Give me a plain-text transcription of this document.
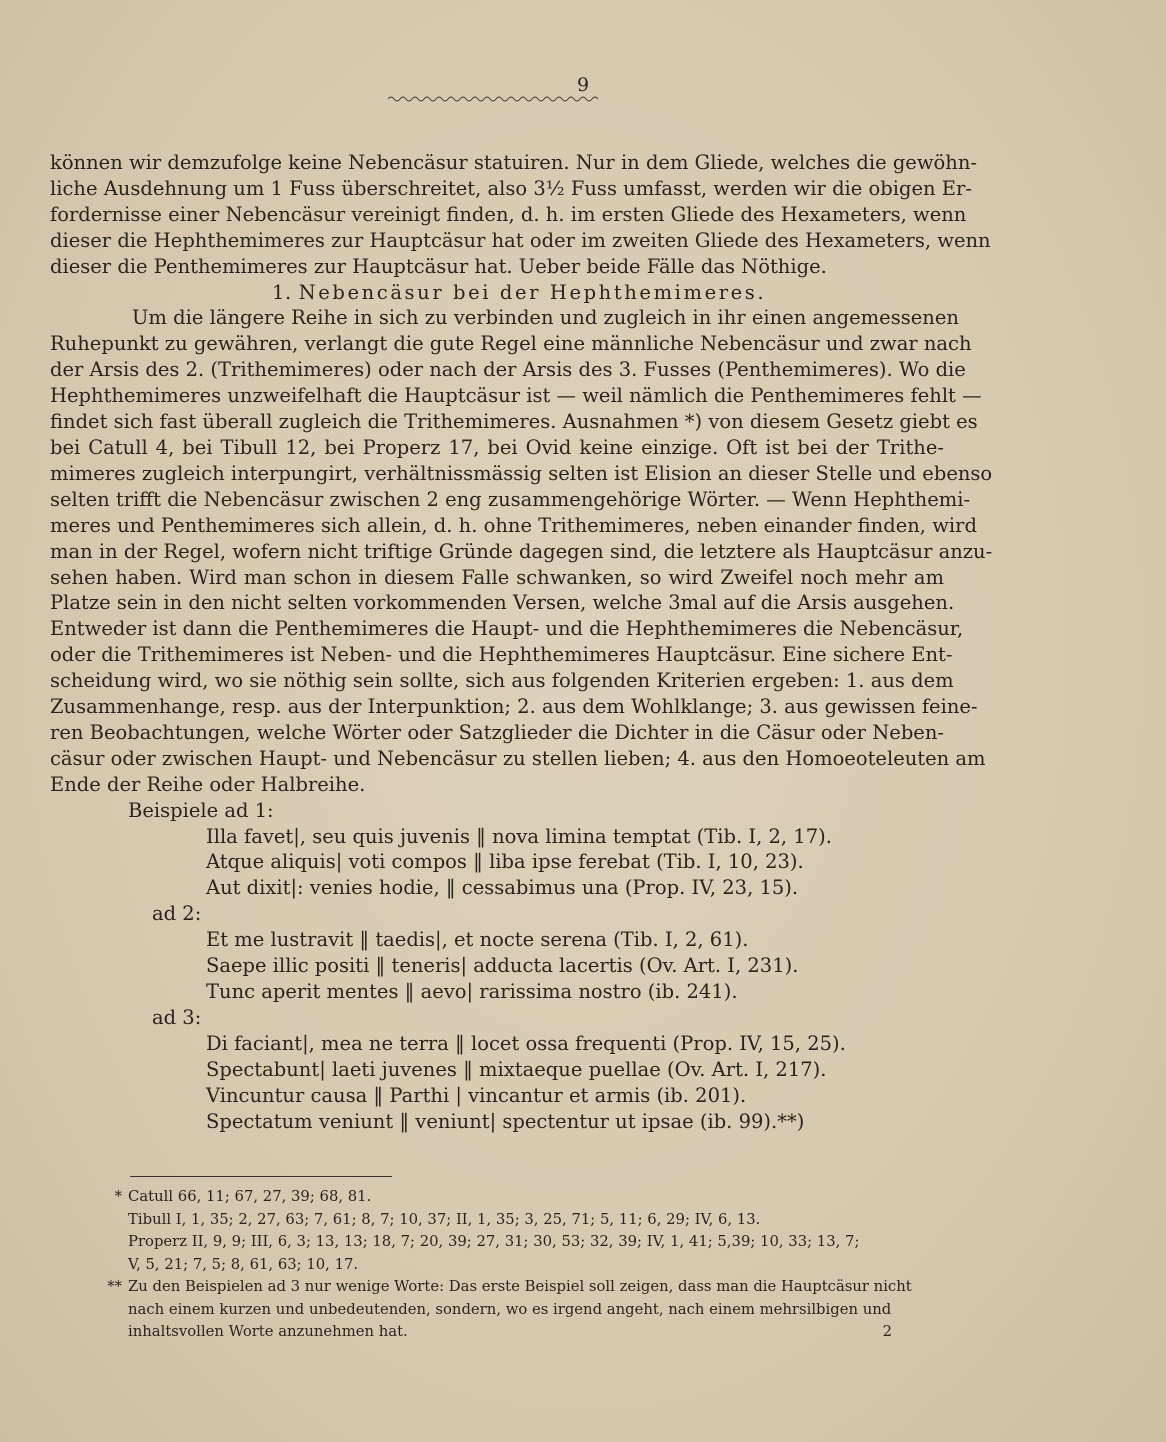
9
können wir demzufolge keine Nebencäsur statuiren. Nur in dem Gliede, welches die gewöhn-
liche Ausdehnung um 1 Fuss überschreitet, also 3½ Fuss umfasst, werden wir die obigen Er-
fordernisse einer Nebencäsur vereinigt finden, d. h. im ersten Gliede des Hexameters, wenn
dieser die Hephthemimeres zur Hauptcäsur hat oder im zweiten Gliede des Hexameters, wenn
dieser die Penthemimeres zur Hauptcäsur hat. Ueber beide Fälle das Nöthige.
1. Nebencäsur bei der Hephthemimeres.
Um die längere Reihe in sich zu verbinden und zugleich in ihr einen angemessenen
Ruhepunkt zu gewähren, verlangt die gute Regel eine männliche Nebencäsur und zwar nach
der Arsis des 2. (Trithemimeres) oder nach der Arsis des 3. Fusses (Penthemimeres). Wo die
Hephthemimeres unzweifelhaft die Hauptcäsur ist — weil nämlich die Penthemimeres fehlt —
findet sich fast überall zugleich die Trithemimeres. Ausnahmen *) von diesem Gesetz giebt es
bei Catull 4, bei Tibull 12, bei Properz 17, bei Ovid keine einzige. Oft ist bei der Trithe-
mimeres zugleich interpungirt, verhältnissmässig selten ist Elision an dieser Stelle und ebenso
selten trifft die Nebencäsur zwischen 2 eng zusammengehörige Wörter. — Wenn Hephthemi-
meres und Penthemimeres sich allein, d. h. ohne Trithemimeres, neben einander finden, wird
man in der Regel, wofern nicht triftige Gründe dagegen sind, die letztere als Hauptcäsur anzu-
sehen haben. Wird man schon in diesem Falle schwanken, so wird Zweifel noch mehr am
Platze sein in den nicht selten vorkommenden Versen, welche 3mal auf die Arsis ausgehen.
Entweder ist dann die Penthemimeres die Haupt- und die Hephthemimeres die Nebencäsur,
oder die Trithemimeres ist Neben- und die Hephthemimeres Hauptcäsur. Eine sichere Ent-
scheidung wird, wo sie nöthig sein sollte, sich aus folgenden Kriterien ergeben: 1. aus dem
Zusammenhange, resp. aus der Interpunktion; 2. aus dem Wohlklange; 3. aus gewissen feine-
ren Beobachtungen, welche Wörter oder Satzglieder die Dichter in die Cäsur oder Neben-
cäsur oder zwischen Haupt- und Nebencäsur zu stellen lieben; 4. aus den Homoeoteleuten am
Ende der Reihe oder Halbreihe.
Beispiele ad 1:
Illa favet|, seu quis juvenis ‖ nova limina temptat (Tib. I, 2, 17).
Atque aliquis| voti compos ‖ liba ipse ferebat (Tib. I, 10, 23).
Aut dixit|: venies hodie, ‖ cessabimus una (Prop. IV, 23, 15).
ad 2:
Et me lustravit ‖ taedis|, et nocte serena (Tib. I, 2, 61).
Saepe illic positi ‖ teneris| adducta lacertis (Ov. Art. I, 231).
Tunc aperit mentes ‖ aevo| rarissima nostro (ib. 241).
ad 3:
Di faciant|, mea ne terra ‖ locet ossa frequenti (Prop. IV, 15, 25).
Spectabunt| laeti juvenes ‖ mixtaeque puellae (Ov. Art. I, 217).
Vincuntur causa ‖ Parthi | vincantur et armis (ib. 201).
Spectatum veniunt ‖ veniunt| spectentur ut ipsae (ib. 99).**)
* Catull 66, 11; 67, 27, 39; 68, 81.
Tibull I, 1, 35; 2, 27, 63; 7, 61; 8, 7; 10, 37; II, 1, 35; 3, 25, 71; 5, 11; 6, 29; IV, 6, 13.
Properz II, 9, 9; III, 6, 3; 13, 13; 18, 7; 20, 39; 27, 31; 30, 53; 32, 39; IV, 1, 41; 5,39; 10, 33; 13, 7;
V, 5, 21; 7, 5; 8, 61, 63; 10, 17.
** Zu den Beispielen ad 3 nur wenige Worte: Das erste Beispiel soll zeigen, dass man die Hauptcäsur nicht
nach einem kurzen und unbedeutenden, sondern, wo es irgend angeht, nach einem mehrsilbigen und
inhaltsvollen Worte anzunehmen hat.	2
